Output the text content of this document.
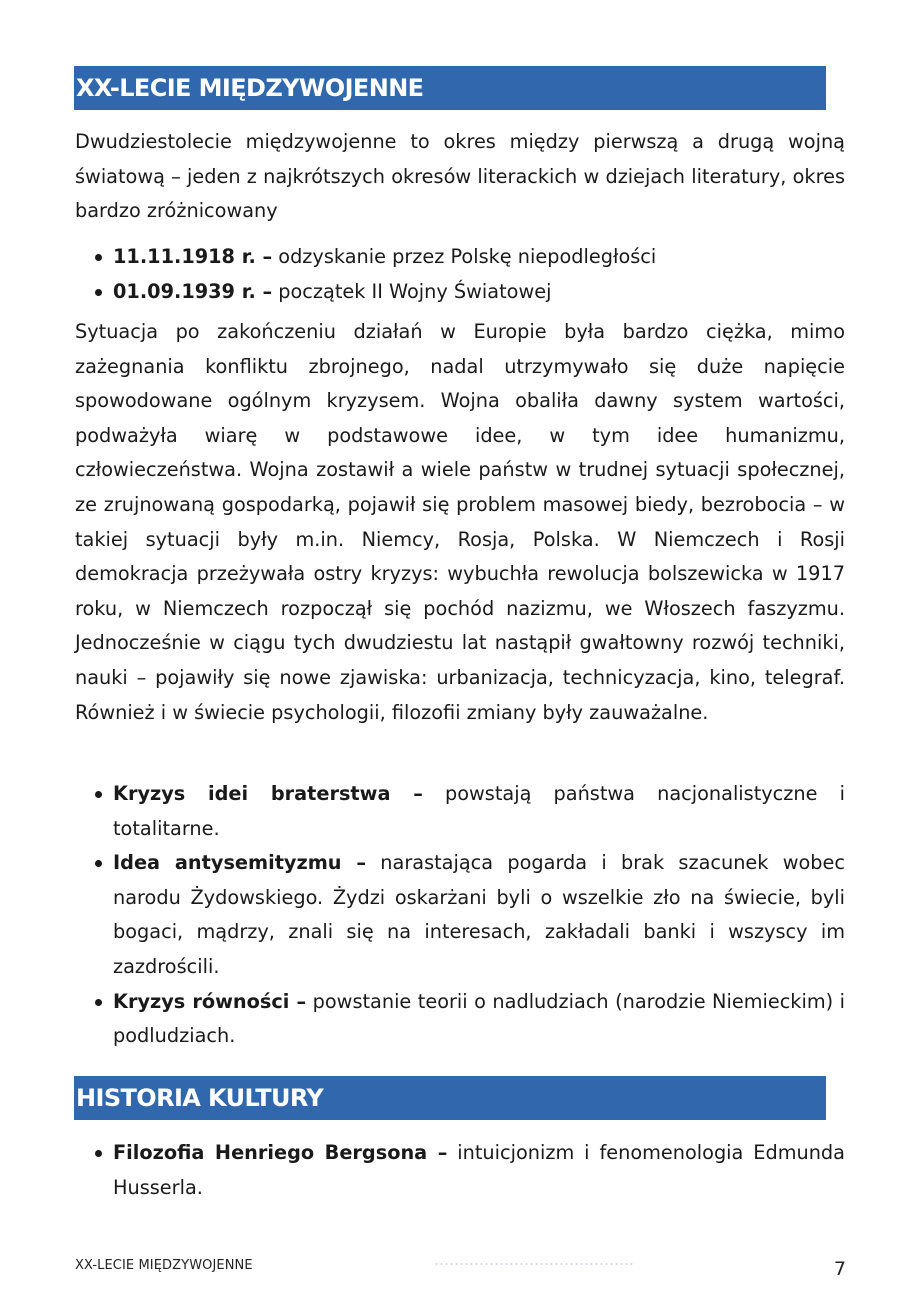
XX-LECIE MIĘDZYWOJENNE

Dwudziestolecie międzywojenne to okres między pierwszą a drugą wojną światową – jeden z najkrótszych okresów literackich w dziejach literatury, okres bardzo zróżnicowany

11.11.1918 r. – odzyskanie przez Polskę niepodległości
01.09.1939 r. – początek II Wojny Światowej

Sytuacja po zakończeniu działań w Europie była bardzo ciężka, mimo zażegnania konfliktu zbrojnego, nadal utrzymywało się duże napięcie spowodowane ogólnym kryzysem. Wojna obaliła dawny system wartości, podważyła wiarę w podstawowe idee, w tym idee humanizmu, człowieczeństwa. Wojna zostawił a wiele państw w trudnej sytuacji społecznej, ze zrujnowaną gospodarką, pojawił się problem masowej biedy, bezrobocia – w takiej sytuacji były m.in. Niemcy, Rosja, Polska. W Niemczech i Rosji demokracja przeżywała ostry kryzys: wybuchła rewolucja bolszewicka w 1917 roku, w Niemczech rozpoczął się pochód nazizmu, we Włoszech faszyzmu. Jednocześnie w ciągu tych dwudziestu lat nastąpił gwałtowny rozwój techniki, nauki – pojawiły się nowe zjawiska: urbanizacja, technicyzacja, kino, telegraf. Również i w świecie psychologii, filozofii zmiany były zauważalne.

Kryzys idei braterstwa – powstają państwa nacjonalistyczne i totalitarne.
Idea antysemityzmu – narastająca pogarda i brak szacunek wobec narodu Żydowskiego. Żydzi oskarżani byli o wszelkie zło na świecie, byli bogaci, mądrzy, znali się na interesach, zakładali banki i wszyscy im zazdrościli.
Kryzys równości – powstanie teorii o nadludziach (narodzie Niemieckim) i podludziach.
HISTORIA KULTURY
Filozofia Henriego Bergsona – intuicjonizm i fenomenologia Edmunda Husserla.
XX-LECIE MIĘDZYWOJENNE	7
